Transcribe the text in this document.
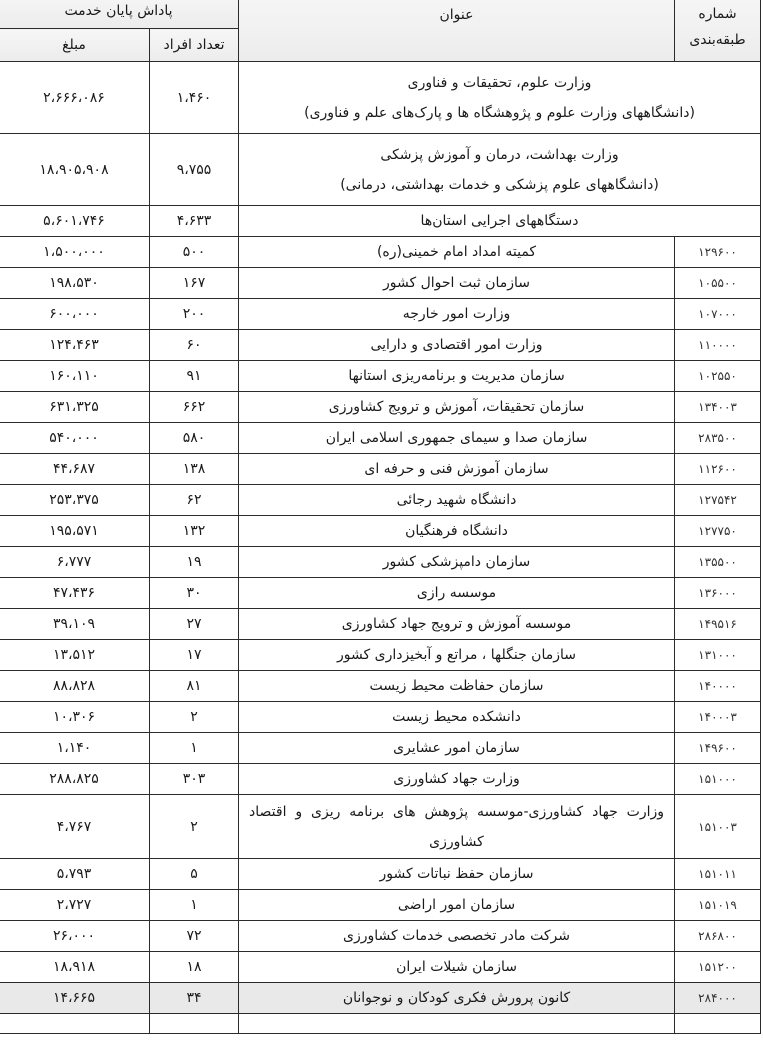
شماره طبقه‌بندی	عنوان	پاداش پایان خدمت	
		تعداد افراد	مبلغ

وزارت علوم، تحقیقات و فناوری
(دانشگاههای وزارت علوم و پژوهشگاه ها و پارک‌های علم و فناوری)		۱،۴۶۰	۲،۶۶۶،۰۸۶

وزارت بهداشت، درمان و آموزش پزشکی
(دانشگاههای علوم پزشکی و خدمات بهداشتی، درمانی)		۹،۷۵۵	۱۸،۹۰۵،۹۰۸
دستگاههای اجرایی استان‌ها		۴،۶۳۳	۵،۶۰۱،۷۴۶
۱۲۹۶۰۰	کمیته امداد امام خمینی(ره)	۵۰۰	۱،۵۰۰،۰۰۰
۱۰۵۵۰۰	سازمان ثبت احوال کشور	۱۶۷	۱۹۸،۵۳۰
۱۰۷۰۰۰	وزارت امور خارجه	۲۰۰	۶۰۰،۰۰۰
۱۱۰۰۰۰	وزارت امور اقتصادی و دارایی	۶۰	۱۲۴،۴۶۳
۱۰۲۵۵۰	سازمان مدیریت و برنامه‌ریزی استانها	۹۱	۱۶۰،۱۱۰
۱۳۴۰۰۳	سازمان تحقیقات، آموزش و ترویج کشاورزی	۶۶۲	۶۳۱،۳۲۵
۲۸۳۵۰۰	سازمان صدا و سیمای جمهوری اسلامی ایران	۵۸۰	۵۴۰،۰۰۰
۱۱۲۶۰۰	سازمان آموزش فنی و حرفه ای	۱۳۸	۴۴،۶۸۷
۱۲۷۵۴۲	دانشگاه شهید رجائی	۶۲	۲۵۳،۳۷۵
۱۲۷۷۵۰	دانشگاه فرهنگیان	۱۳۲	۱۹۵،۵۷۱
۱۳۵۵۰۰	سازمان دامپزشکی کشور	۱۹	۶،۷۷۷
۱۳۶۰۰۰	موسسه رازی	۳۰	۴۷،۴۳۶
۱۴۹۵۱۶	موسسه آموزش و ترویج جهاد کشاورزی	۲۷	۳۹،۱۰۹
۱۳۱۰۰۰	سازمان جنگلها ، مراتع و آبخیزداری کشور	۱۷	۱۳،۵۱۲
۱۴۰۰۰۰	سازمان حفاظت محیط زیست	۸۱	۸۸،۸۲۸
۱۴۰۰۰۳	دانشکده محیط زیست	۲	۱۰،۳۰۶
۱۴۹۶۰۰	سازمان امور عشایری	۱	۱،۱۴۰
۱۵۱۰۰۰	وزارت جهاد کشاورزی	۳۰۳	۲۸۸،۸۲۵
۱۵۱۰۰۳	وزارت جهاد کشاورزی-موسسه پژوهش های برنامه ریزی و اقتصاد کشاورزی	۲	۴،۷۶۷
۱۵۱۰۱۱	سازمان حفظ نباتات کشور	۵	۵،۷۹۳
۱۵۱۰۱۹	سازمان امور اراضی	۱	۲،۷۲۷
۲۸۶۸۰۰	شرکت مادر تخصصی خدمات کشاورزی	۷۲	۲۶،۰۰۰
۱۵۱۲۰۰	سازمان شیلات ایران	۱۸	۱۸،۹۱۸
۲۸۴۰۰۰	کانون پرورش فکری کودکان و نوجوانان	۳۴	۱۴،۶۶۵
